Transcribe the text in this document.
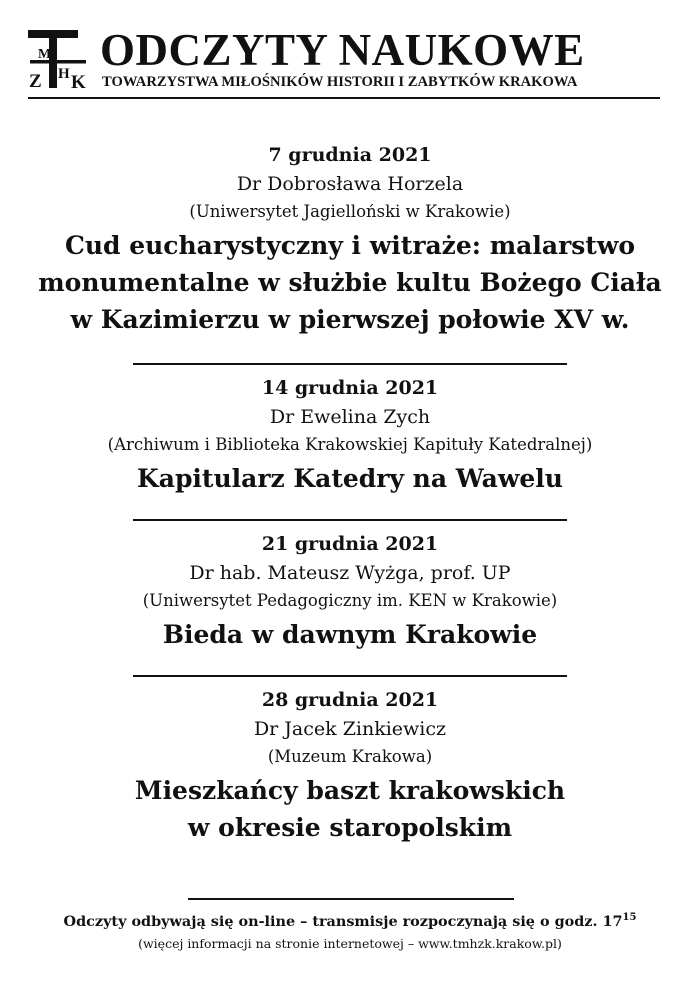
Z H
M
K
ODCZYTY NAUKOWE
TOWARZYSTWA MIŁOŚNIKÓW HISTORII I ZABYTKÓW KRAKOWA
7 grudnia 2021
Dr Dobrosława Horzela
(Uniwersytet Jagielloński w Krakowie)
Cud eucharystyczny i witraże: malarstwo
monumentalne w służbie kultu Bożego Ciała
w Kazimierzu w pierwszej połowie XV w.
14 grudnia 2021
Dr Ewelina Zych
(Archiwum i Biblioteka Krakowskiej Kapituły Katedralnej)
Kapitularz Katedry na Wawelu
21 grudnia 2021
Dr hab. Mateusz Wyżga, prof. UP
(Uniwersytet Pedagogiczny im. KEN w Krakowie)
Bieda w dawnym Krakowie
28 grudnia 2021
Dr Jacek Zinkiewicz
(Muzeum Krakowa)
Mieszkańcy baszt krakowskich
w okresie staropolskim
Odczyty odbywają się on-line – transmisje rozpoczynają się o godz. $17^{15}$
(więcej informacji na stronie internetowej – www.tmhzk.krakow.pl)
